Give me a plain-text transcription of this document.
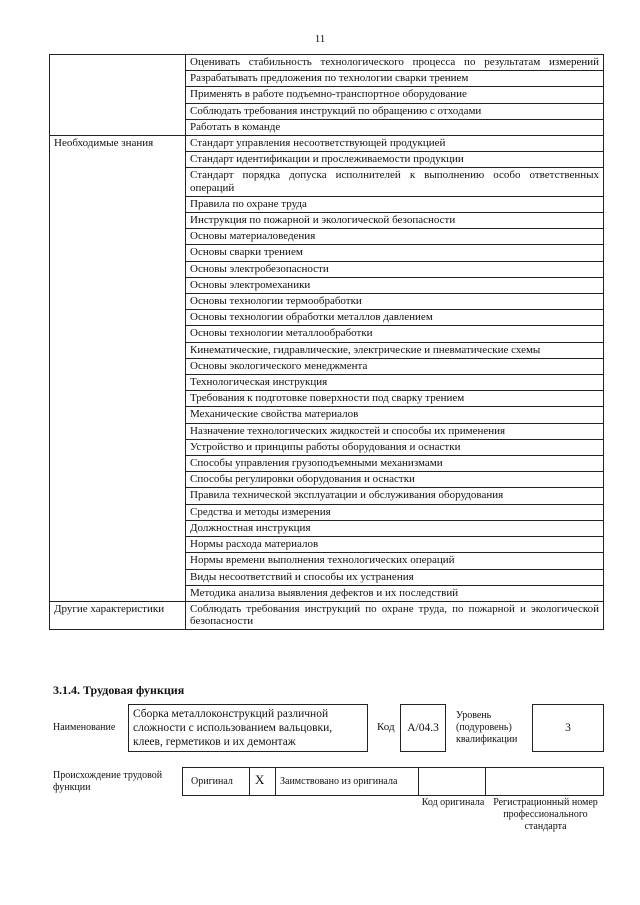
11
	Оценивать стабильность технологического процесса по результатам измерений
	Разрабатывать предложения по технологии сварки трением
	Применять в работе подъемно-транспортное оборудование
	Соблюдать требования инструкций по обращению с отходами
	Работать в команде
Необходимые знания	Стандарт управления несоответствующей продукцией
	Стандарт идентификации и прослеживаемости продукции
	Стандарт порядка допуска исполнителей к выполнению особо ответственных операций
	Правила по охране труда
	Инструкция по пожарной и экологической безопасности
	Основы материаловедения
	Основы сварки трением
	Основы электробезопасности
	Основы электромеханики
	Основы технологии термообработки
	Основы технологии обработки металлов давлением
	Основы технологии металлообработки
	Кинематические, гидравлические, электрические и пневматические схемы
	Основы экологического менеджмента
	Технологическая инструкция
	Требования к подготовке поверхности под сварку трением
	Механические свойства материалов
	Назначение технологических жидкостей и способы их применения
	Устройство и принципы работы оборудования и оснастки
	Способы управления грузоподъемными механизмами
	Способы регулировки оборудования и оснастки
	Правила технической эксплуатации и обслуживания оборудования
	Средства и методы измерения
	Должностная инструкция
	Нормы расхода материалов
	Нормы времени выполнения технологических операций
	Виды несоответствий и способы их устранения
	Методика анализа выявления дефектов и их последствий
Другие характеристики	Соблюдать требования инструкций по охране труда, по пожарной и экологической безопасности
3.1.4. Трудовая функция
Наименование
Сборка металлоконструкций различной сложности с использованием вальцовки, клеев, герметиков и их демонтаж
Код A/04.3
Уровень (подуровень) квалификации
3
Происхождение трудовой функции
Оригинал X Заимствовано из оригинала
Код оригинала Регистрационный номер профессионального стандарта
